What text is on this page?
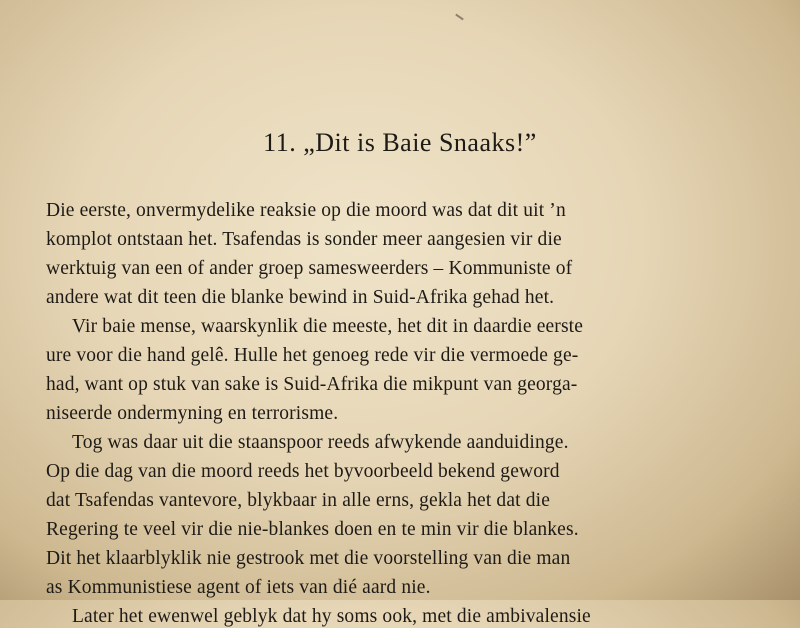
11. „Dit is Baie Snaaks!”
Die eerste, onvermydelike reaksie op die moord was dat dit uit ’n
komplot ontstaan het. Tsafendas is sonder meer aangesien vir die
werktuig van een of ander groep samesweerders – Kommuniste of
andere wat dit teen die blanke bewind in Suid-Afrika gehad het.
Vir baie mense, waarskynlik die meeste, het dit in daardie eerste
ure voor die hand gelê. Hulle het genoeg rede vir die vermoede ge-
had, want op stuk van sake is Suid-Afrika die mikpunt van georga-
niseerde ondermyning en terrorisme.
Tog was daar uit die staanspoor reeds afwykende aanduidinge.
Op die dag van die moord reeds het byvoorbeeld bekend geword
dat Tsafendas vantevore, blykbaar in alle erns, gekla het dat die
Regering te veel vir die nie-blankes doen en te min vir die blankes.
Dit het klaarblyklik nie gestrook met die voorstelling van die man
as Kommunistiese agent of iets van dié aard nie.
Later het ewenwel geblyk dat hy soms ook, met die ambivalensie
